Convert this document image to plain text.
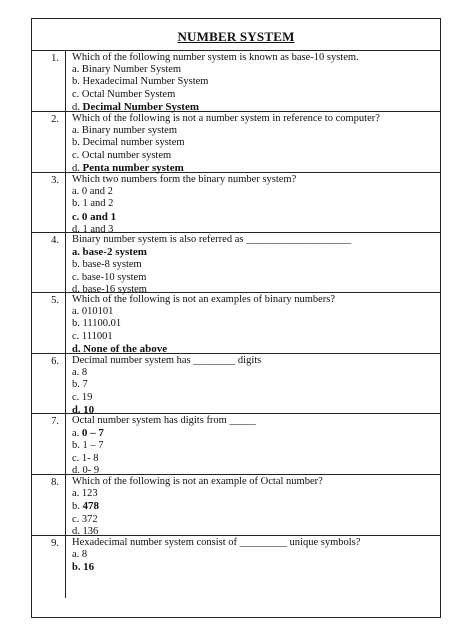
NUMBER SYSTEM
1.	Which of the following number system is known as base-10 system.
a. Binary Number System
b. Hexadecimal Number System
c. Octal Number System
d. Decimal Number System
2.	Which of the following is not a number system in reference to computer?
a. Binary number system
b. Decimal number system
c. Octal number system
d. Penta number system
3.	Which two numbers form the binary number system?
a. 0 and 2
b. 1 and 2
c. 0 and 1
d. 1 and 3
4.	Binary number system is also referred as ____________________
a. base-2 system
b. base-8 system
c. base-10 system
d. base-16 system
5.	Which of the following is not an examples of binary numbers?
a. 010101
b. 11100.01
c. 111001
d. None of the above
6.	Decimal number system has ________ digits
a. 8
b. 7
c. 19
d. 10
7.	Octal number system has digits from _____
a. 0 – 7
b. 1 – 7
c. 1- 8
d. 0- 9
8.	Which of the following is not an example of Octal number?
a. 123
b. 478
c. 372
d. 136
9.	Hexadecimal number system consist of _________ unique symbols?
a. 8
b. 16
